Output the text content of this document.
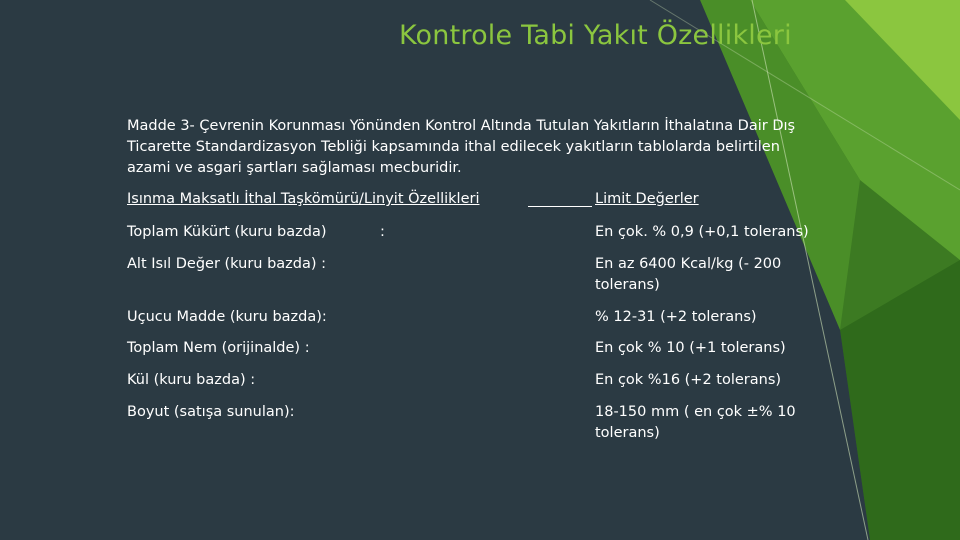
Kontrole Tabi Yakıt Özellikleri
Madde 3- Çevrenin Korunması Yönünden Kontrol Altında Tutulan Yakıtların İthalatına Dair Dış Ticarette Standardizasyon Tebliği kapsamında ithal edilecek yakıtların tablolarda belirtilen azami ve asgari şartları sağlaması mecburidir.
Isınma Maksatlı İthal Taşkömürü/Linyit Özellikleri	Limit Değerler
Toplam Kükürt (kuru bazda)	:	En çok. % 0,9 (+0,1 tolerans)
Alt Isıl Değer (kuru bazda) :	En az 6400 Kcal/kg (- 200 tolerans)
Uçucu Madde (kuru bazda):	% 12-31 (+2 tolerans)
Toplam Nem (orijinalde) :	En çok % 10 (+1 tolerans)
Kül (kuru bazda) :	En çok %16 (+2 tolerans)
Boyut (satışa sunulan):	18-150 mm ( en çok ±% 10 tolerans)
